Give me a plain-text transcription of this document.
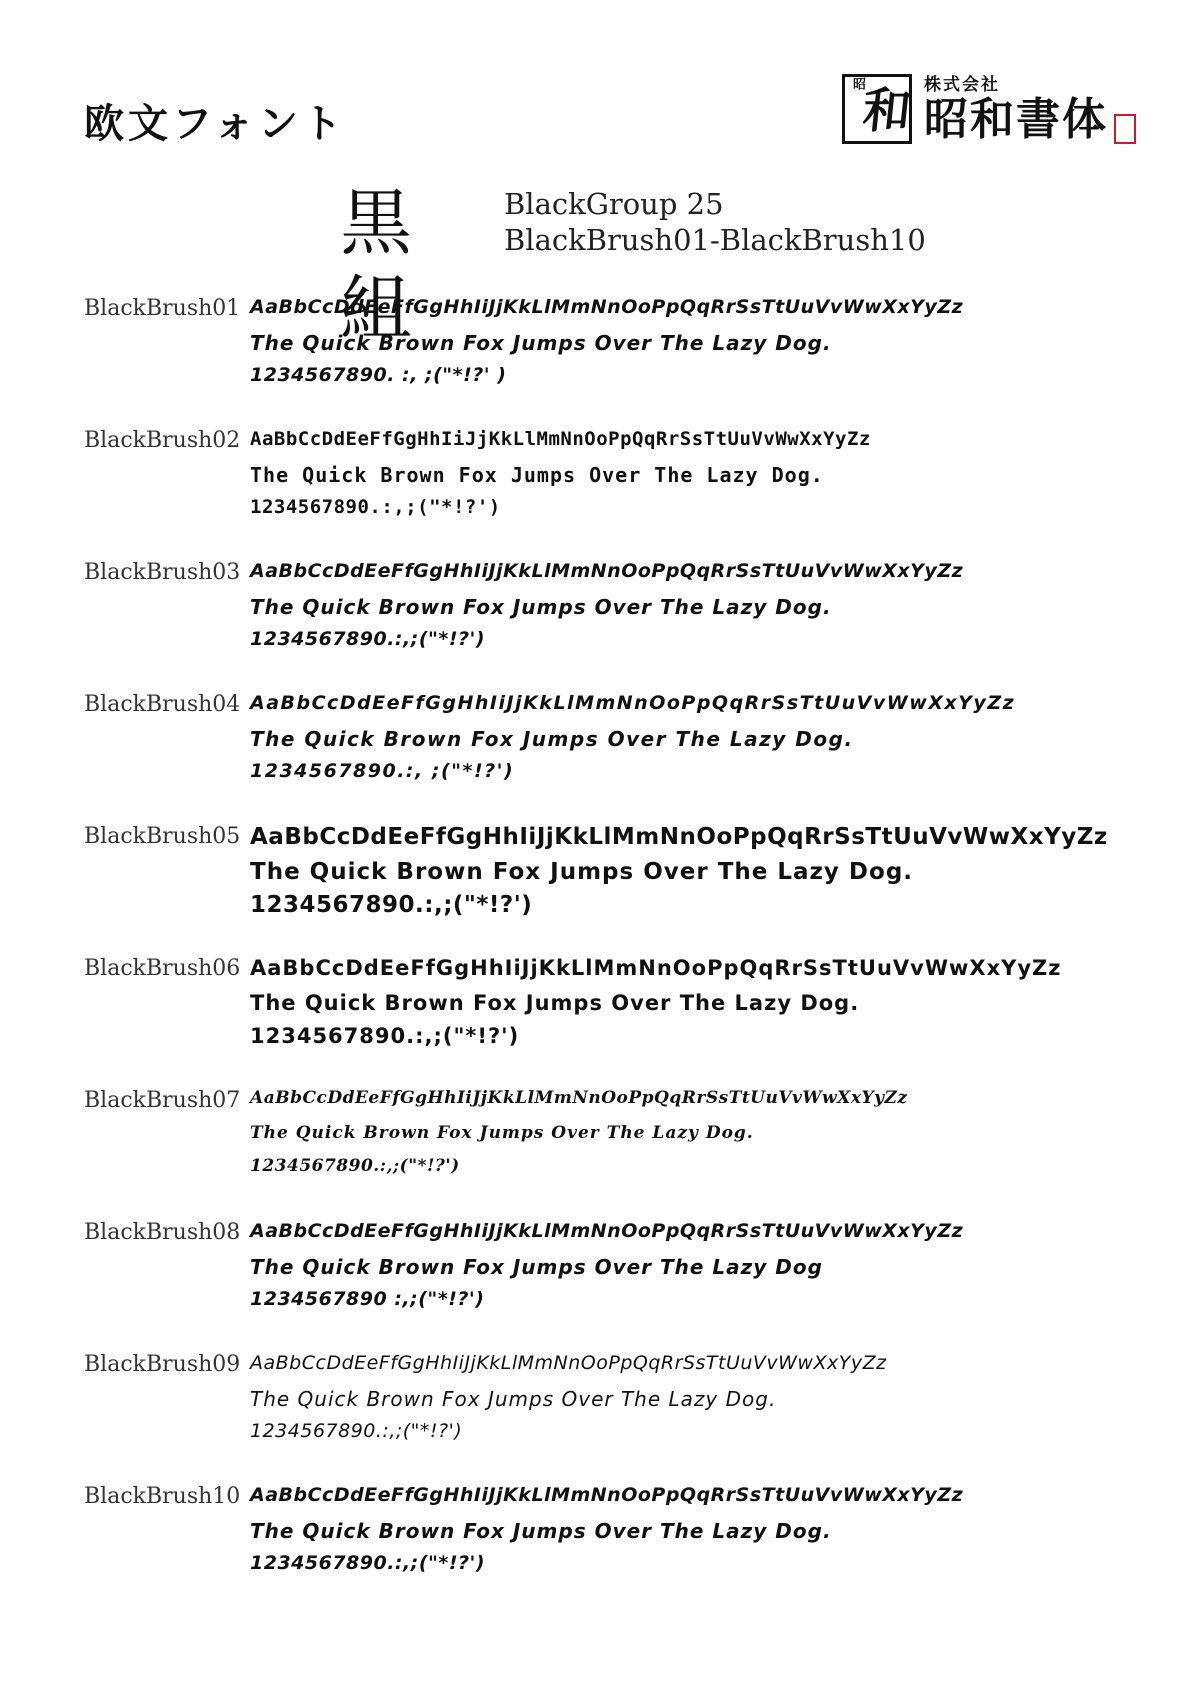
欧文フォント
昭
和 株式会社
昭和書体
黒組
BlackGroup 25
BlackBrush01-BlackBrush10
BlackBrush01 AaBbCcDdEeFfGgHhIiJjKkLlMmNnOoPpQqRrSsTtUuVvWwXxYyZz
The Quick Brown Fox Jumps Over The Lazy Dog.
1234567890. :, ;("*!?' )
BlackBrush02 AaBbCcDdEeFfGgHhIiJjKkLlMmNnOoPpQqRrSsTtUuVvWwXxYyZz
The Quick Brown Fox Jumps Over The Lazy Dog.
1234567890.:,;("*!?')
BlackBrush03 AaBbCcDdEeFfGgHhIiJjKkLlMmNnOoPpQqRrSsTtUuVvWwXxYyZz
The Quick Brown Fox Jumps Over The Lazy Dog.
1234567890.:,;("*!?')
BlackBrush04 AaBbCcDdEeFfGgHhIiJjKkLlMmNnOoPpQqRrSsTtUuVvWwXxYyZz
The Quick Brown Fox Jumps Over The Lazy Dog.
1234567890.:, ;("*!?')
BlackBrush05 AaBbCcDdEeFfGgHhIiJjKkLlMmNnOoPpQqRrSsTtUuVvWwXxYyZz
The Quick Brown Fox Jumps Over The Lazy Dog.
1234567890.:,;("*!?')
BlackBrush06 AaBbCcDdEeFfGgHhIiJjKkLlMmNnOoPpQqRrSsTtUuVvWwXxYyZz
The Quick Brown Fox Jumps Over The Lazy Dog.
1234567890.:,;("*!?')
BlackBrush07 AaBbCcDdEeFfGgHhIiJjKkLlMmNnOoPpQqRrSsTtUuVvWwXxYyZz
The Quick Brown Fox Jumps Over The Lazy Dog.
1234567890.:,;("*!?')
BlackBrush08 AaBbCcDdEeFfGgHhIiJjKkLlMmNnOoPpQqRrSsTtUuVvWwXxYyZz
The Quick Brown Fox Jumps Over The Lazy Dog
1234567890 :,;("*!?')
BlackBrush09 AaBbCcDdEeFfGgHhIiJjKkLlMmNnOoPpQqRrSsTtUuVvWwXxYyZz
The Quick Brown Fox Jumps Over The Lazy Dog.
1234567890.:,;("*!?')
BlackBrush10 AaBbCcDdEeFfGgHhIiJjKkLlMmNnOoPpQqRrSsTtUuVvWwXxYyZz
The Quick Brown Fox Jumps Over The Lazy Dog.
1234567890.:,;("*!?')
